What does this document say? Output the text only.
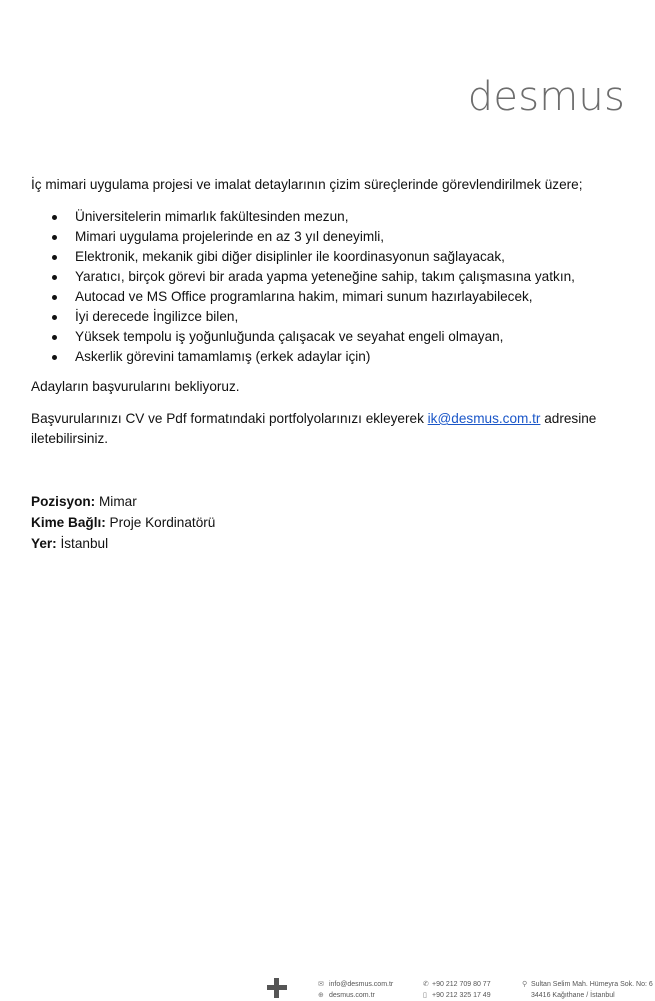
desmus

İç mimari uygulama projesi ve imalat detaylarının çizim süreçlerinde görevlendirilmek üzere;

Üniversitelerin mimarlık fakültesinden mezun,
Mimari uygulama projelerinde en az 3 yıl deneyimli,
Elektronik, mekanik gibi diğer disiplinler ile koordinasyonun sağlayacak,
Yaratıcı, birçok görevi bir arada yapma yeteneğine sahip, takım çalışmasına yatkın,
Autocad ve MS Office programlarına hakim, mimari sunum hazırlayabilecek,
İyi derecede İngilizce bilen,
Yüksek tempolu iş yoğunluğunda çalışacak ve seyahat engeli olmayan,
Askerlik görevini tamamlamış (erkek adaylar için)

Adayların başvurularını bekliyoruz.

Başvurularınızı CV ve Pdf formatındaki portfolyolarınızı ekleyerek ik@desmus.com.tr adresine iletebilirsiniz.

Pozisyon: Mimar
Kime Bağlı: Proje Kordinatörü
Yer: İstanbul
✉ info@desmus.com.tr
⊕ desmus.com.tr
✆ +90 212 709 80 77
▯ +90 212 325 17 49
⚲ Sultan Selim Mah. Hümeyra Sok. No: 6
34416 Kağıthane / İstanbul
